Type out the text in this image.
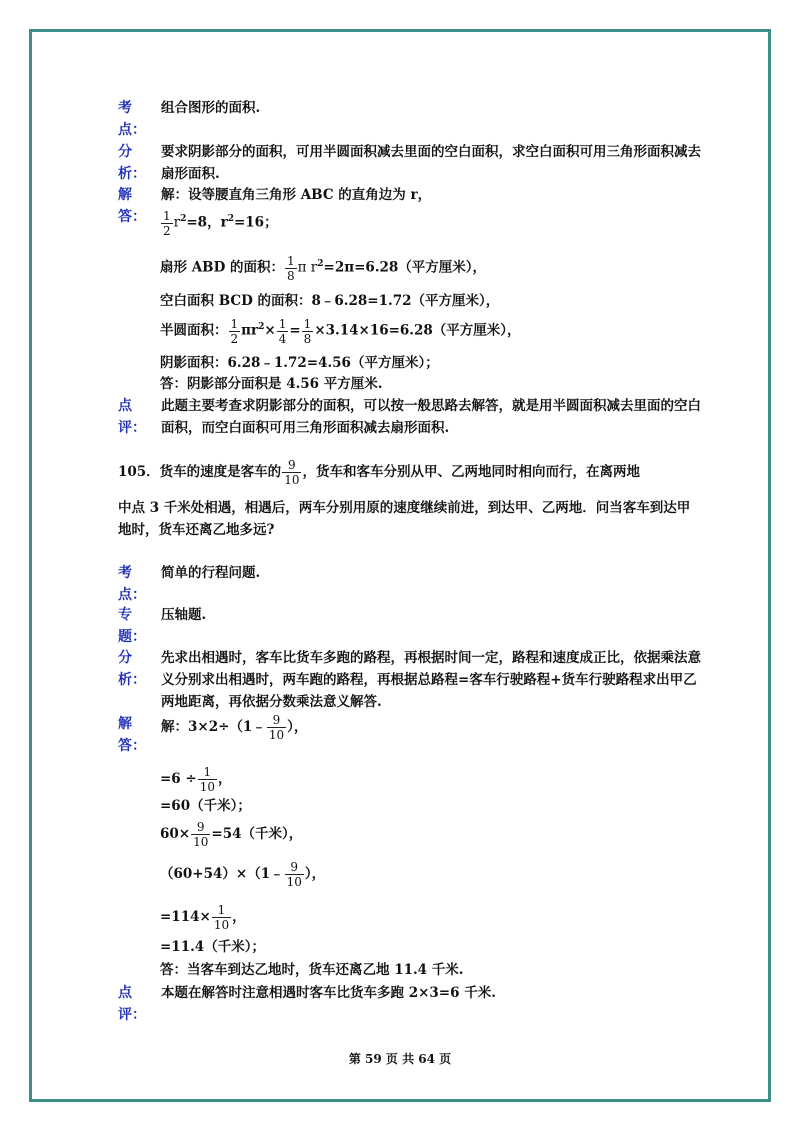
考
点：
组合图形的面积.
分
析：
要求阴影部分的面积，可用半圆面积减去里面的空白面积，求空白面积可用三角形面积减去扇形面积.
解
答：
解：设等腰直角三角形 ABC 的直角边为 r，
$\frac{1}{2} r^2=8$，$r^2=16$；
扇形 ABD 的面积： $\frac{1}{8}$ π $r^2=2\pi=6.28$（平方厘米），
空白面积 BCD 的面积：8﹣6.28=1.72（平方厘米），
半圆面积： $\frac{1}{2} \pi r^2\times \frac{1}{4} = \frac{1}{8} \times 3.14\times 16=6.28$（平方厘米），
阴影面积：6.28﹣1.72=4.56（平方厘米）；
答：阴影部分面积是 4.56 平方厘米.
点
评：
此题主要考查求阴影部分的面积，可以按一般思路去解答，就是用半圆面积减去里面的空白面积，而空白面积可用三角形面积减去扇形面积.
105．货车的速度是客车的 $\frac{9}{10}$ ，货车和客车分别从甲、乙两地同时相向而行，在离两地
中点 3 千米处相遇，相遇后，两车分别用原的速度继续前进，到达甲、乙两地．问当客车到达甲地时，货车还离乙地多远?
考
点：
简单的行程问题.
专
题：
压轴题.
分
析：
先求出相遇时，客车比货车多跑的路程，再根据时间一定，路程和速度成正比，依据乘法意义分别求出相遇时，两车跑的路程，再根据总路程=客车行驶路程+货车行驶路程求出甲乙两地距离，再依据分数乘法意义解答.
解
答：
解：3×2÷（1﹣ $\frac{9}{10}$ ），
$=6 \div \frac{1}{10}$ ，
=60（千米）；
$60\times \frac{9}{10} =54$（千米），
（60+54）×（1﹣ $\frac{9}{10}$ ），
$=114\times \frac{1}{10}$ ，
=11.4（千米）；
答：当客车到达乙地时，货车还离乙地 11.4 千米.
点
评：
本题在解答时注意相遇时客车比货车多跑 2×3=6 千米.
第 59 页 共 64 页
